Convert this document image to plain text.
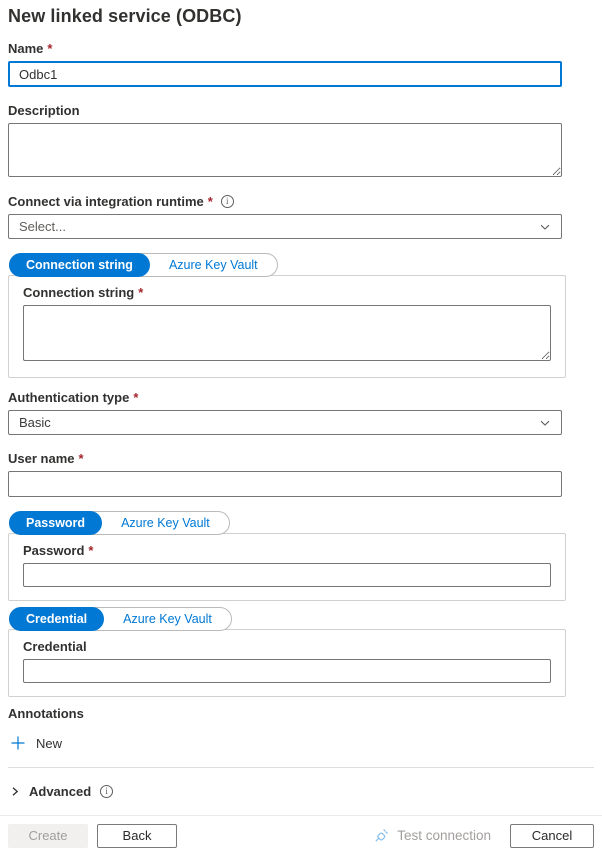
New linked service (ODBC)
Name *
Odbc1
Description
Connect via integration runtime *	i
Select...
Connection string	Azure Key Vault
Connection string *
Authentication type *
Basic
User name *
Password	Azure Key Vault
Password *
Credential	Azure Key Vault
Credential
Annotations
New
Advanced	i
Create	Back	Test connection	Cancel
